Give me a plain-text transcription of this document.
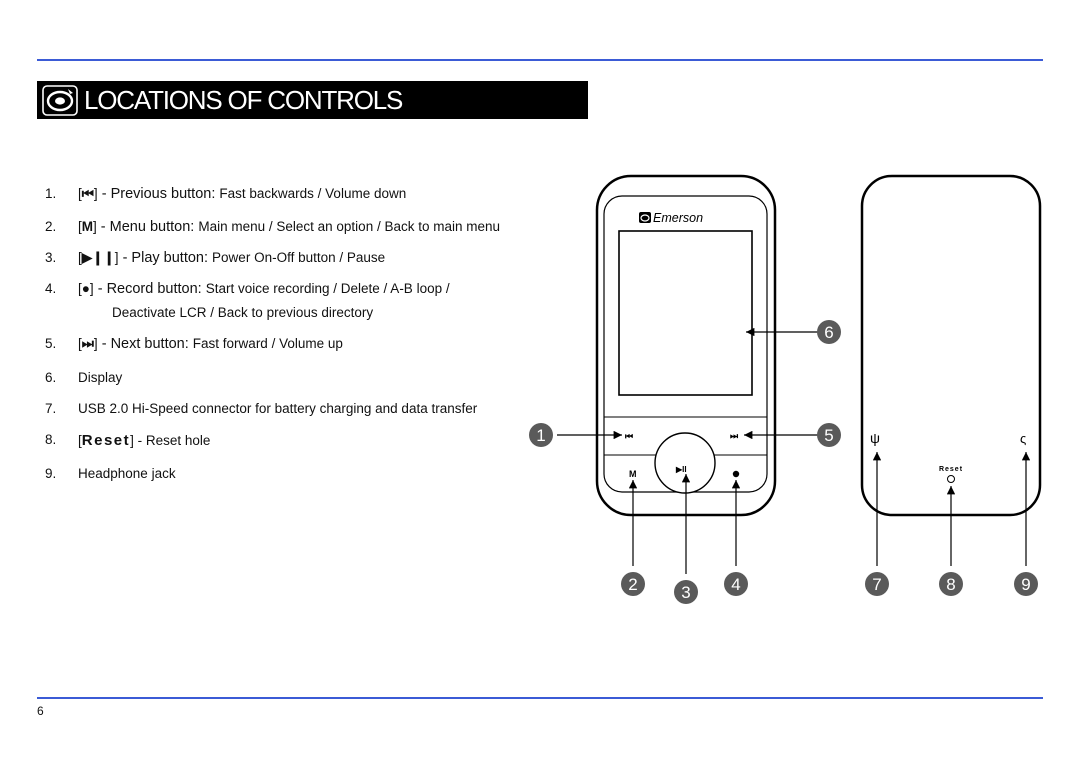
LOCATIONS OF CONTROLS
1.	[⏮] - Previous button: Fast backwards / Volume down
2.	[M] - Menu button: Main menu / Select an option / Back to main menu
3.	[▶❙❙] - Play button: Power On-Off button / Pause
4.	[●] - Record button: Start voice recording / Delete / A-B loop /
Deactivate LCR / Back to previous directory
5.	[⏭] - Next button: Fast forward / Volume up
6.	Display
7.	USB 2.0 Hi-Speed connector for battery charging and data transfer
8.	[Reset] - Reset hole
9.	Headphone jack
Emerson
⏮	⏭
▶II
M
ψ	ς
Reset
1
2	3 4
5
6
7	8	9
6
